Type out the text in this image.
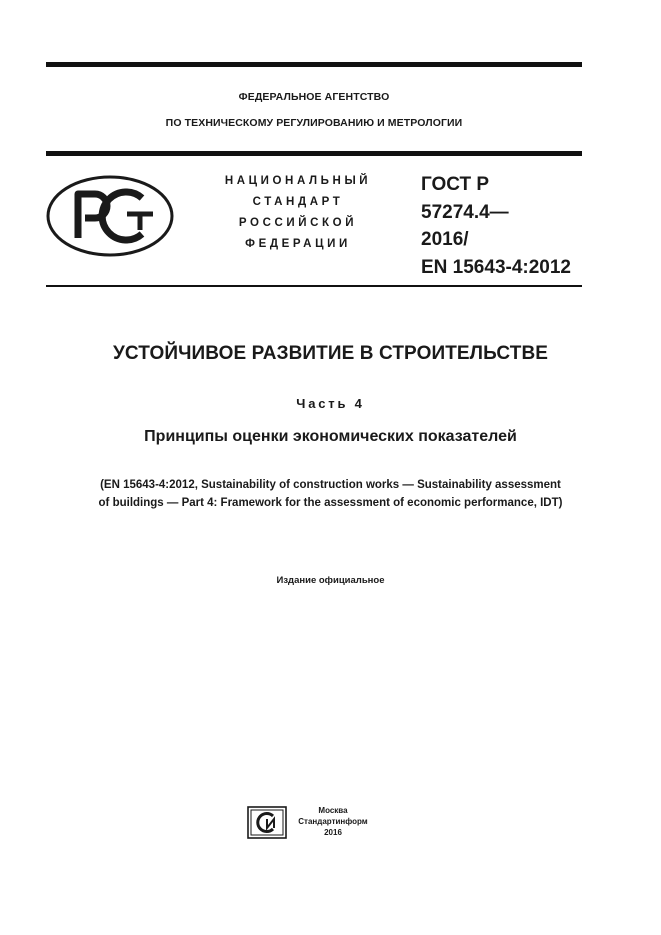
ФЕДЕРАЛЬНОЕ АГЕНТСТВО
ПО ТЕХНИЧЕСКОМУ РЕГУЛИРОВАНИЮ И МЕТРОЛОГИИ
НАЦИОНАЛЬНЫЙ
СТАНДАРТ
РОССИЙСКОЙ
ФЕДЕРАЦИИ
ГОСТ Р
57274.4—
2016/
EN 15643-4:2012
УСТОЙЧИВОЕ РАЗВИТИЕ В СТРОИТЕЛЬСТВЕ
Часть 4
Принципы оценки экономических показателей
(EN 15643-4:2012, Sustainability of construction works — Sustainability assessment
of buildings — Part 4: Framework for the assessment of economic performance, IDT)
Издание официальное
Москва
Стандартинформ
2016
